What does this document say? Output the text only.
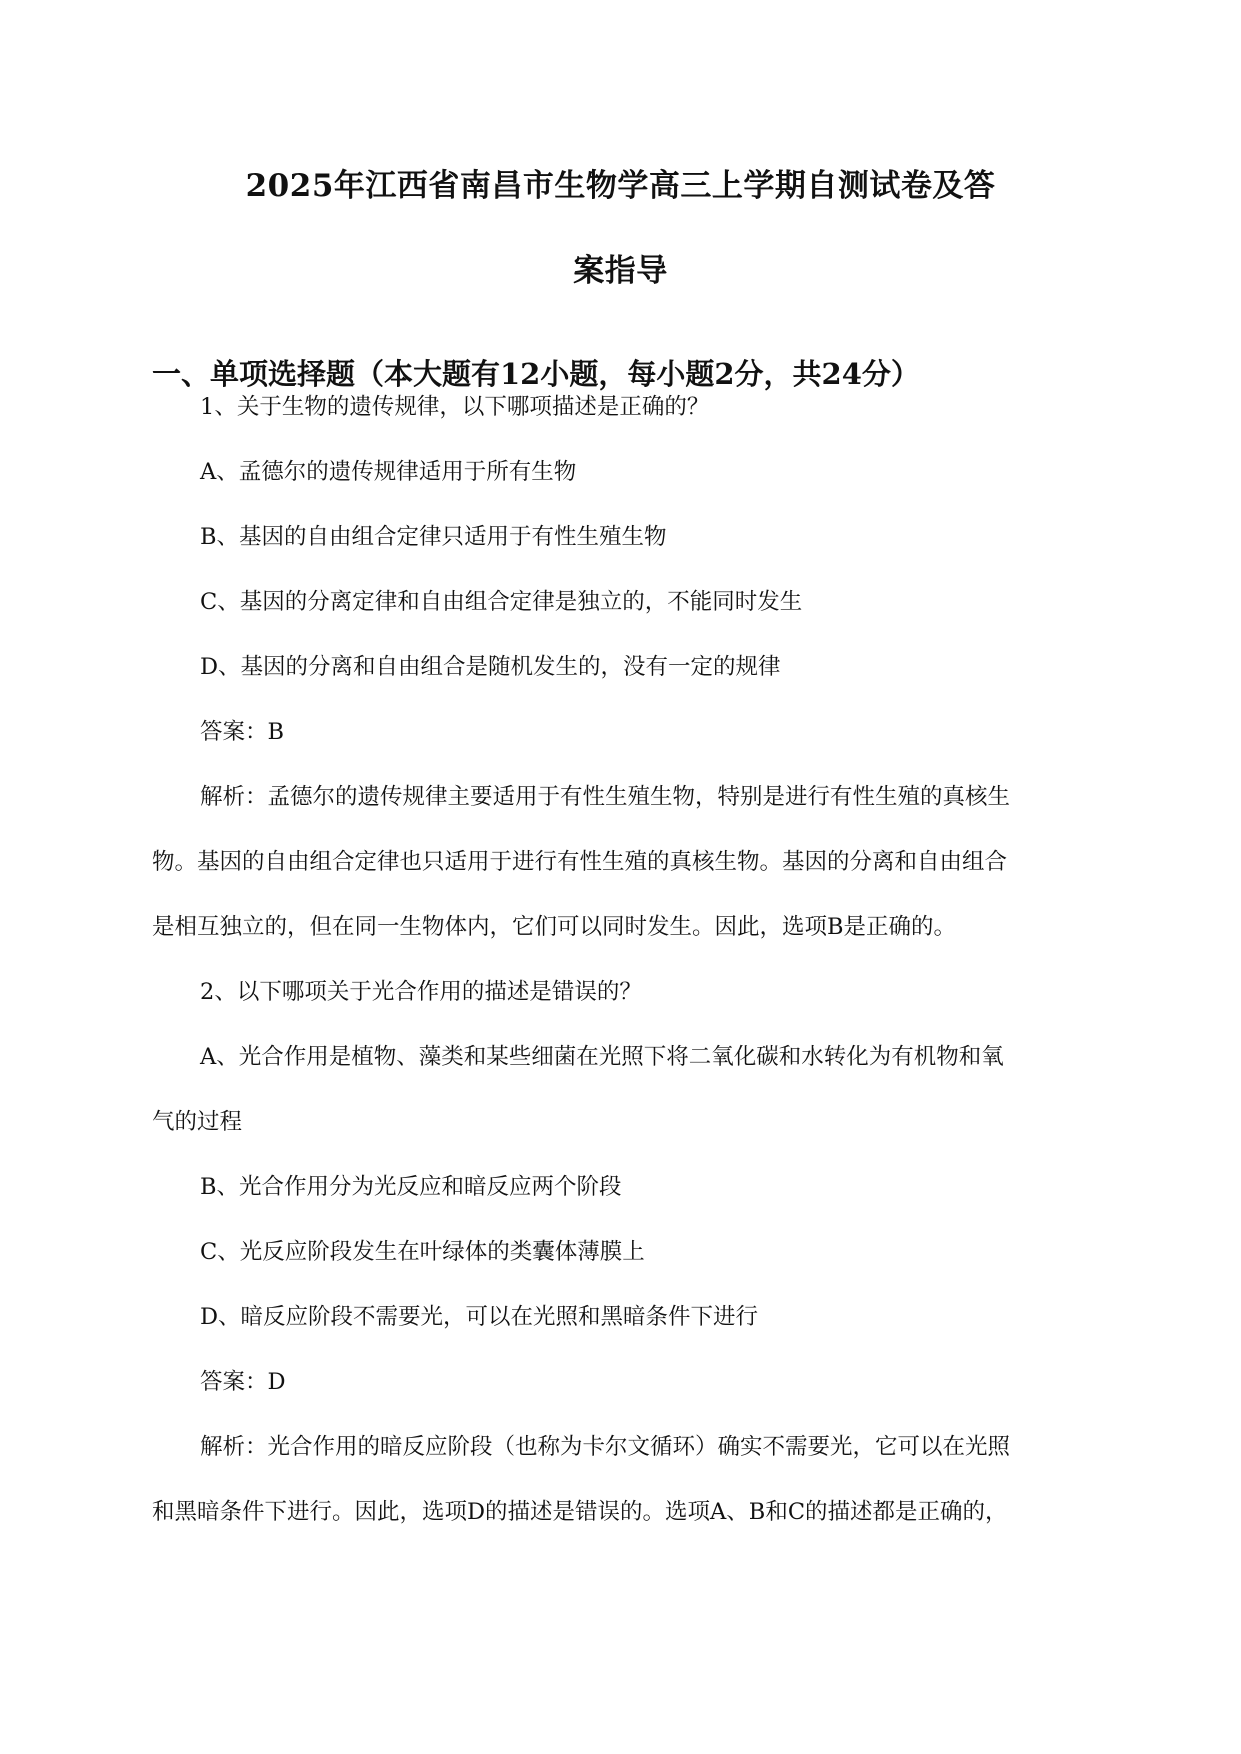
2025年江西省南昌市生物学高三上学期自测试卷及答
案指导
一、单项选择题（本大题有12小题，每小题2分，共24分）
1、关于生物的遗传规律，以下哪项描述是正确的？
A、孟德尔的遗传规律适用于所有生物
B、基因的自由组合定律只适用于有性生殖生物
C、基因的分离定律和自由组合定律是独立的，不能同时发生
D、基因的分离和自由组合是随机发生的，没有一定的规律
答案：B
解析：孟德尔的遗传规律主要适用于有性生殖生物，特别是进行有性生殖的真核生
物。基因的自由组合定律也只适用于进行有性生殖的真核生物。基因的分离和自由组合
是相互独立的，但在同一生物体内，它们可以同时发生。因此，选项B是正确的。
2、以下哪项关于光合作用的描述是错误的？
A、光合作用是植物、藻类和某些细菌在光照下将二氧化碳和水转化为有机物和氧
气的过程
B、光合作用分为光反应和暗反应两个阶段
C、光反应阶段发生在叶绿体的类囊体薄膜上
D、暗反应阶段不需要光，可以在光照和黑暗条件下进行
答案：D
解析：光合作用的暗反应阶段（也称为卡尔文循环）确实不需要光，它可以在光照
和黑暗条件下进行。因此，选项D的描述是错误的。选项A、B和C的描述都是正确的，
